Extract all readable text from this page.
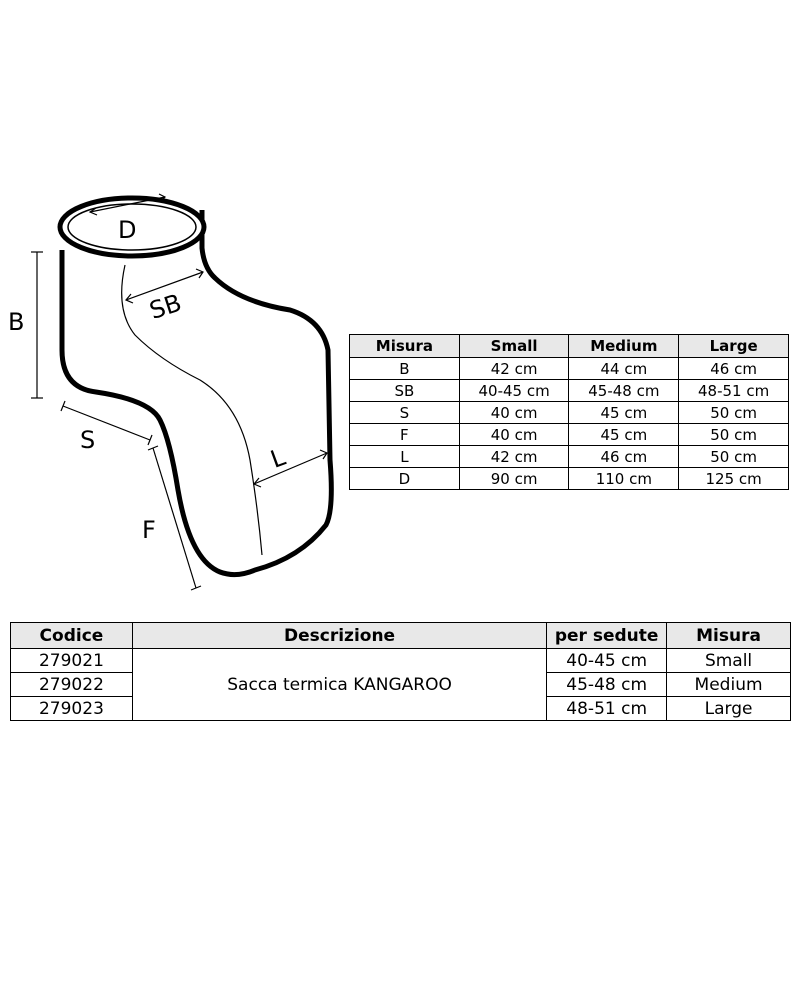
D
SB
B
S
F
L
Misura	Small	Medium	Large
B	42 cm	44 cm	46 cm
SB	40-45 cm	45-48 cm	48-51 cm
S	40 cm	45 cm	50 cm
F	40 cm	45 cm	50 cm
L	42 cm	46 cm	50 cm
D	90 cm	110 cm	125 cm
Codice	Descrizione	per sedute	Misura
279021	Sacca termica KANGAROO	40-45 cm	Small
279022		45-48 cm	Medium
279023		48-51 cm	Large
